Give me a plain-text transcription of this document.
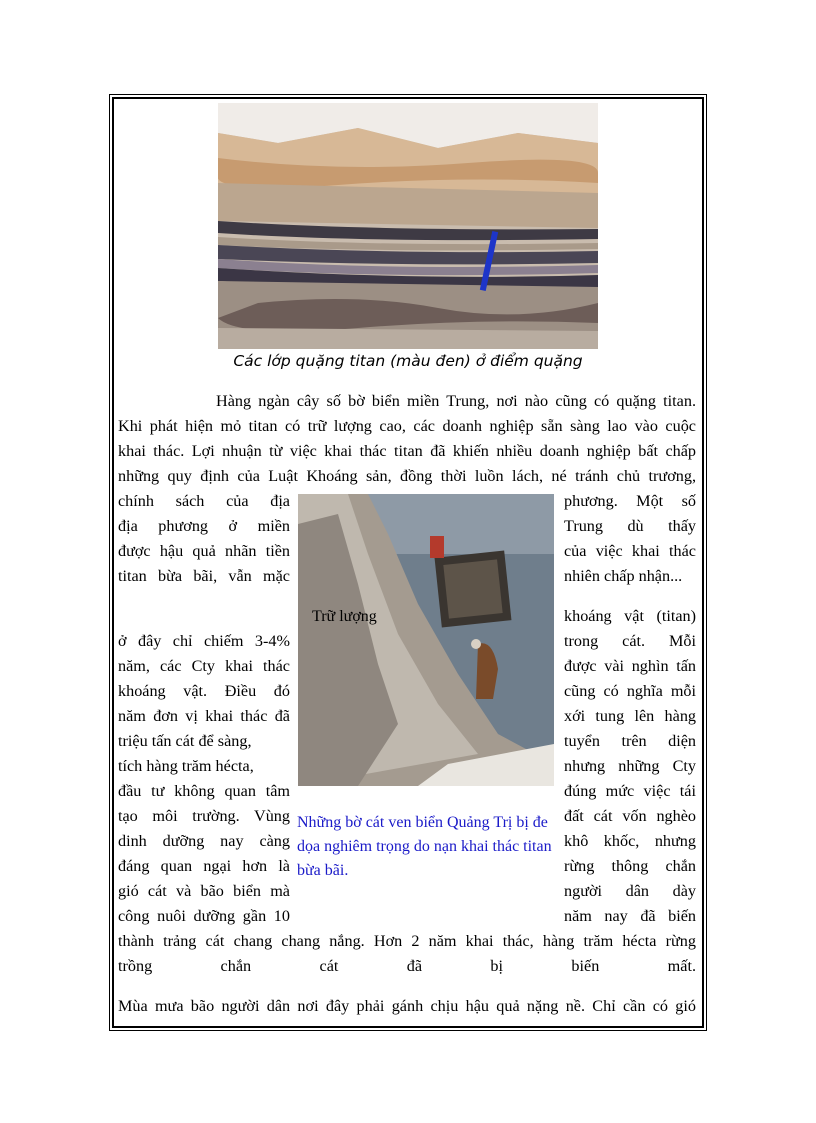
Các lớp quặng titan (màu đen) ở điểm quặng
Hàng ngàn cây số bờ biển miền Trung, nơi nào cũng có quặng titan.
Khi phát hiện mỏ titan có trữ lượng cao, các doanh nghiệp sẵn sàng lao vào cuộc
khai thác. Lợi nhuận từ việc khai thác titan đã khiến nhiều doanh nghiệp bất chấp
những quy định của Luật Khoáng sản, đồng thời luồn lách, né tránh chủ trương,
Trữ lượng
chính sách của địa
địa phương ở miền
được hậu quả nhãn tiền
titan bừa bãi, vẫn mặc
ở đây chỉ chiếm 3-4%
năm, các Cty khai thác
khoáng vật. Điều đó
năm đơn vị khai thác đã
triệu tấn cát để sàng,
tích hàng trăm hécta,
đầu tư không quan tâm
tạo môi trường. Vùng
dinh dưỡng nay càng
đáng quan ngại hơn là
gió cát và bão biển mà
công nuôi dưỡng gần 10
phương. Một số
Trung dù thấy
của việc khai thác
nhiên chấp nhận...
khoáng vật (titan)
trong cát. Mỗi
được vài nghìn tấn
cũng có nghĩa mỗi
xới tung lên hàng
tuyển trên diện
nhưng những Cty
đúng mức việc tái
đất cát vốn nghèo
khô khốc, nhưng
rừng thông chắn
người dân dày
năm nay đã biến
Những bờ cát ven biển Quảng Trị bị đe dọa nghiêm trọng do nạn khai thác titan bừa bãi.
thành trảng cát chang chang nắng. Hơn 2 năm khai thác, hàng trăm hécta rừng
trồng chắn cát đã bị biến mất.
Mùa mưa bão người dân nơi đây phải gánh chịu hậu quả nặng nề. Chỉ cần có gió
